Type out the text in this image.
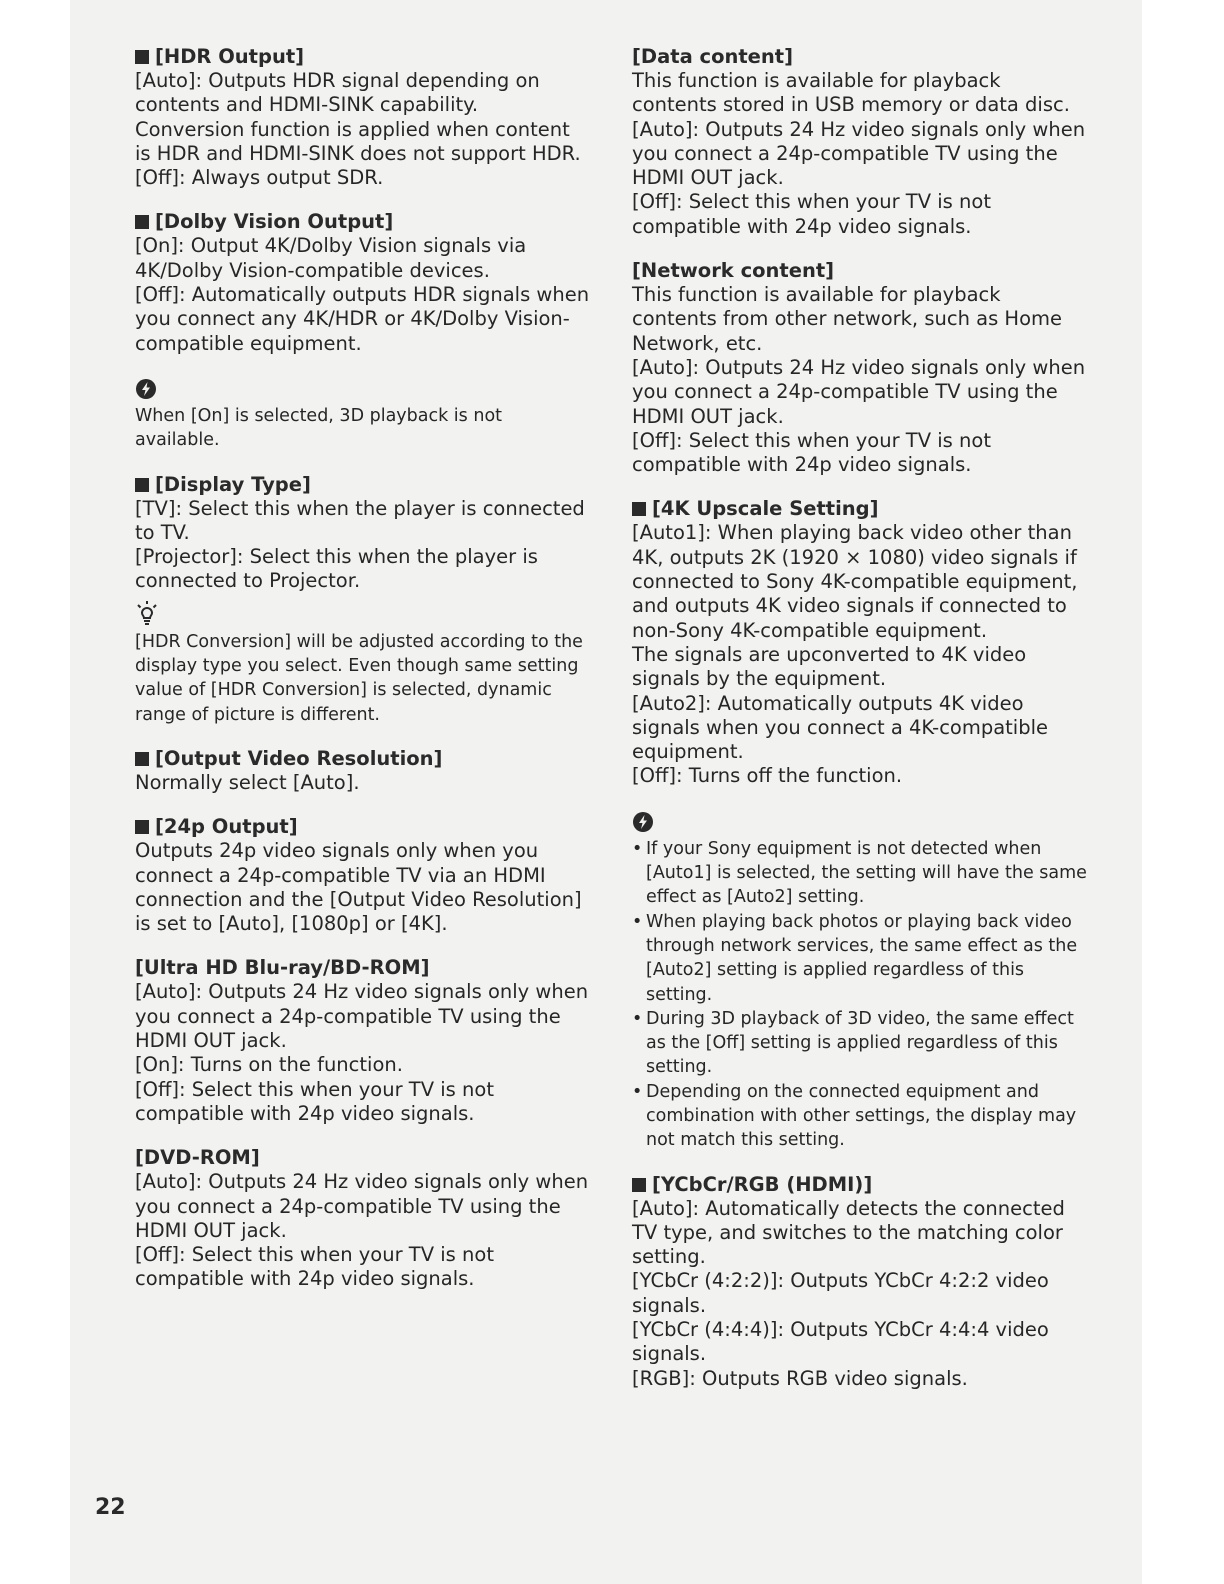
[HDR Output]

[Auto]: Outputs HDR signal depending on contents and HDMI-SINK capability.

Conversion function is applied when content is HDR and HDMI-SINK does not support HDR.

[Off]: Always output SDR.

[Dolby Vision Output]

[On]: Output 4K/Dolby Vision signals via 4K/Dolby Vision-compatible devices.

[Off]: Automatically outputs HDR signals when you connect any 4K/HDR or 4K/Dolby Vision-compatible equipment.

When [On] is selected, 3D playback is not available.

[Display Type]

[TV]: Select this when the player is connected to TV.

[Projector]: Select this when the player is connected to Projector.

[HDR Conversion] will be adjusted according to the display type you select. Even though same setting value of [HDR Conversion] is selected, dynamic range of picture is different.

[Output Video Resolution]

Normally select [Auto].

[24p Output]

Outputs 24p video signals only when you connect a 24p-compatible TV via an HDMI connection and the [Output Video Resolution] is set to [Auto], [1080p] or [4K].

[Ultra HD Blu-ray/BD-ROM]

[Auto]: Outputs 24 Hz video signals only when you connect a 24p-compatible TV using the HDMI OUT jack.

[On]: Turns on the function.

[Off]: Select this when your TV is not compatible with 24p video signals.

[DVD-ROM]

[Auto]: Outputs 24 Hz video signals only when you connect a 24p-compatible TV using the HDMI OUT jack.

[Off]: Select this when your TV is not compatible with 24p video signals.

[Data content]

This function is available for playback contents stored in USB memory or data disc.

[Auto]: Outputs 24 Hz video signals only when you connect a 24p-compatible TV using the HDMI OUT jack.

[Off]: Select this when your TV is not compatible with 24p video signals.

[Network content]

This function is available for playback contents from other network, such as Home Network, etc.

[Auto]: Outputs 24 Hz video signals only when you connect a 24p-compatible TV using the HDMI OUT jack.

[Off]: Select this when your TV is not compatible with 24p video signals.

[4K Upscale Setting]

[Auto1]: When playing back video other than 4K, outputs 2K (1920 × 1080) video signals if connected to Sony 4K-compatible equipment, and outputs 4K video signals if connected to non-Sony 4K-compatible equipment.

The signals are upconverted to 4K video signals by the equipment.

[Auto2]: Automatically outputs 4K video signals when you connect a 4K-compatible equipment.

[Off]: Turns off the function.

• If your Sony equipment is not detected when [Auto1] is selected, the setting will have the same effect as [Auto2] setting.
• When playing back photos or playing back video through network services, the same effect as the [Auto2] setting is applied regardless of this setting.
• During 3D playback of 3D video, the same effect as the [Off] setting is applied regardless of this setting.
• Depending on the connected equipment and combination with other settings, the display may not match this setting.
[YCbCr/RGB (HDMI)]

[Auto]: Automatically detects the connected TV type, and switches to the matching color setting.

[YCbCr (4:2:2)]: Outputs YCbCr 4:2:2 video signals.

[YCbCr (4:4:4)]: Outputs YCbCr 4:4:4 video signals.

[RGB]: Outputs RGB video signals.

22
